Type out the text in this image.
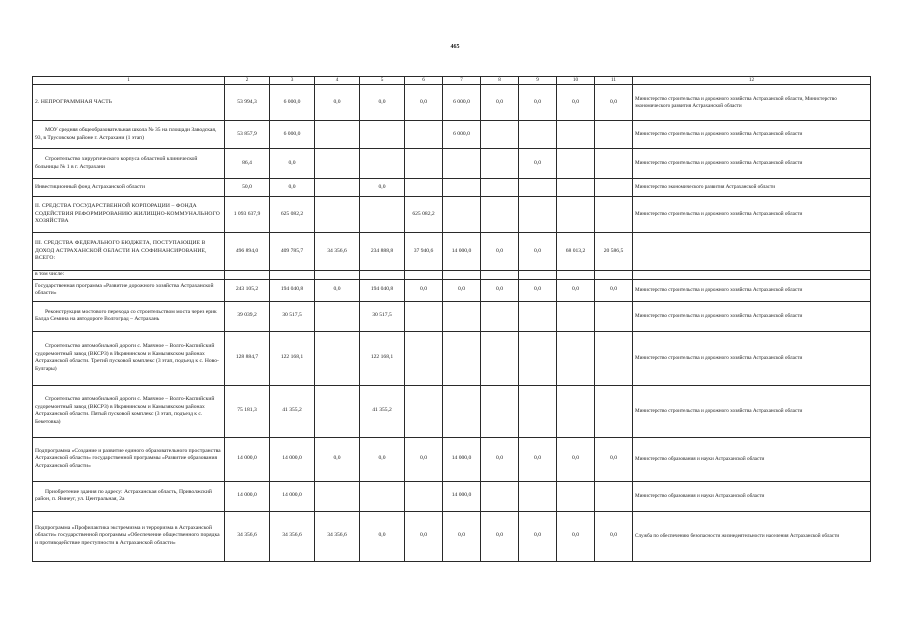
465
1	2	3	4	5	6	7	8	9	10	11	12
2. НЕПРОГРАММНАЯ ЧАСТЬ	53 994,3	6 000,0	0,0	0,0	0,0	6 000,0	0,0	0,0	0,0	0,0	Министерство строительства и дорожного хозяйства Астраханской области, Министерство экономического развития Астраханской области
МОУ средняя общеобразовательная школа № 35 на площади Заводская, 93, в Трусовском районе г. Астрахани (1 этап)	53 857,9	6 000,0				6 000,0					Министерство строительства и дорожного хозяйства Астраханской области
Строительство хирургического корпуса областной клинической больницы № 1 в г. Астрахани	86,4	0,0						0,0			Министерство строительства и дорожного хозяйства Астраханской области
Инвестиционный фонд Астраханской области	50,0	0,0		0,0							Министерство экономического развития Астраханской области
II. СРЕДСТВА ГОСУДАРСТВЕННОЙ КОРПОРАЦИИ – ФОНДА СОДЕЙСТВИЯ РЕФОРМИРОВАНИЮ ЖИЛИЩНО-КОММУНАЛЬНОГО ХОЗЯЙСТВА	1 093 637,9	625 082,2			625 082,2						Министерство строительства и дорожного хозяйства Астраханской области
III. СРЕДСТВА ФЕДЕРАЛЬНОГО БЮДЖЕТА, ПОСТУПАЮЩИЕ В ДОХОД АСТРАХАНСКОЙ ОБЛАСТИ НА СОФИНАНСИРОВАНИЕ, ВСЕГО:	496 894,0	409 785,7	34 356,6	234 888,8	37 940,6	14 000,0	0,0	0,0	68 013,2	20 586,5	
в том числе:											
Государственная программа «Развитие дорожного хозяйства Астраханской области»	243 105,2	194 040,8	0,0	194 040,8	0,0	0,0	0,0	0,0	0,0	0,0	Министерство строительства и дорожного хозяйства Астраханской области
Реконструкция мостового перехода со строительством моста через ерик Балда Семина на автодороге Волгоград – Астрахань	39 039,2	30 517,5		30 517,5							Министерство строительства и дорожного хозяйства Астраханской области
Строительство автомобильной дороги с. Маячное – Волго-Каспийский судоремонтный завод (ВКСРЗ) в Икрянинском и Камызякском районах Астраханской области. Третий пусковой комплекс (3 этап, подъезд к с. Ново-Булгары)	128 884,7	122 168,1		122 168,1							Министерство строительства и дорожного хозяйства Астраханской области
Строительство автомобильной дороги с. Маячное – Волго-Каспийский судоремонтный завод (ВКСРЗ) в Икрянинском и Камызякском районах Астраханской области. Пятый пусковой комплекс (3 этап, подъезд к с. Бекетовка)	75 181,3	41 355,2		41 355,2							Министерство строительства и дорожного хозяйства Астраханской области
Подпрограмма «Создание и развитие единого образовательного пространства Астраханской области» государственной программы «Развитие образования Астраханской области»	14 000,0	14 000,0	0,0	0,0	0,0	14 000,0	0,0	0,0	0,0	0,0	Министерство образования и науки Астраханской области
Приобретение здания по адресу: Астраханская область, Приволжский район, п. Ямнеуг, ул. Центральная, 2а	14 000,0	14 000,0				14 000,0					Министерство образования и науки Астраханской области
Подпрограмма «Профилактика экстремизма и терроризма в Астраханской области» государственной программы «Обеспечение общественного порядка и противодействие преступности в Астраханской области»	34 356,6	34 356,6	34 356,6	0,0	0,0	0,0	0,0	0,0	0,0	0,0	Служба по обеспечению безопасности жизнедеятельности населения Астраханской области
